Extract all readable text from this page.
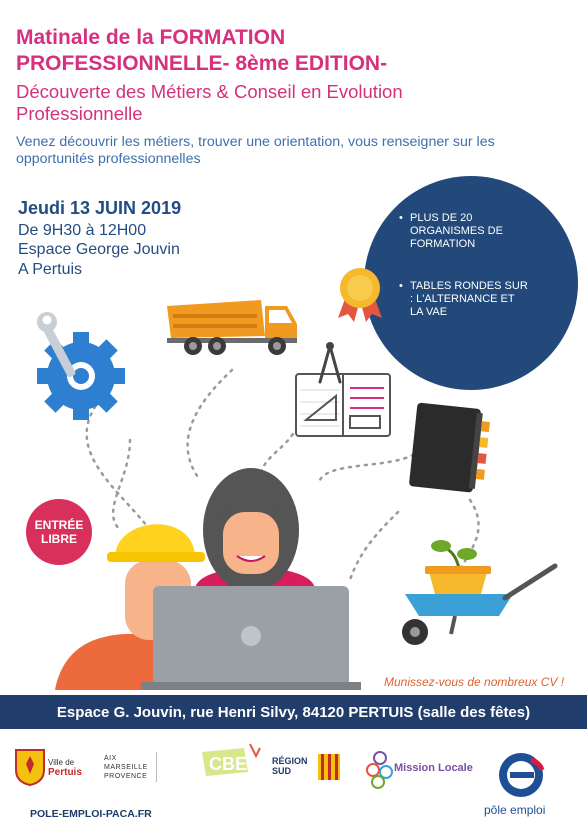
Matinale de la FORMATION
PROFESSIONNELLE- 8ème EDITION-
Découverte des Métiers & Conseil en Evolution Professionnelle
Venez découvrir les métiers, trouver une orientation, vous renseigner sur les opportunités professionnelles
Jeudi 13 JUIN 2019
De 9H30 à 12H00
Espace George Jouvin
A Pertuis
• PLUS DE 20 ORGANISMES DE FORMATION
• TABLES RONDES SUR : L'ALTERNANCE ET LA VAE
ENTRÉE
LIBRE
Munissez-vous de nombreux CV !
Espace G. Jouvin, rue Henri Silvy, 84120 PERTUIS (salle des fêtes)
Ville de
Pertuis
AIX MARSEILLE PROVENCE
CBE	RÉGION SUD	Mission Locale
pôle emploi
POLE-EMPLOI-PACA.FR
